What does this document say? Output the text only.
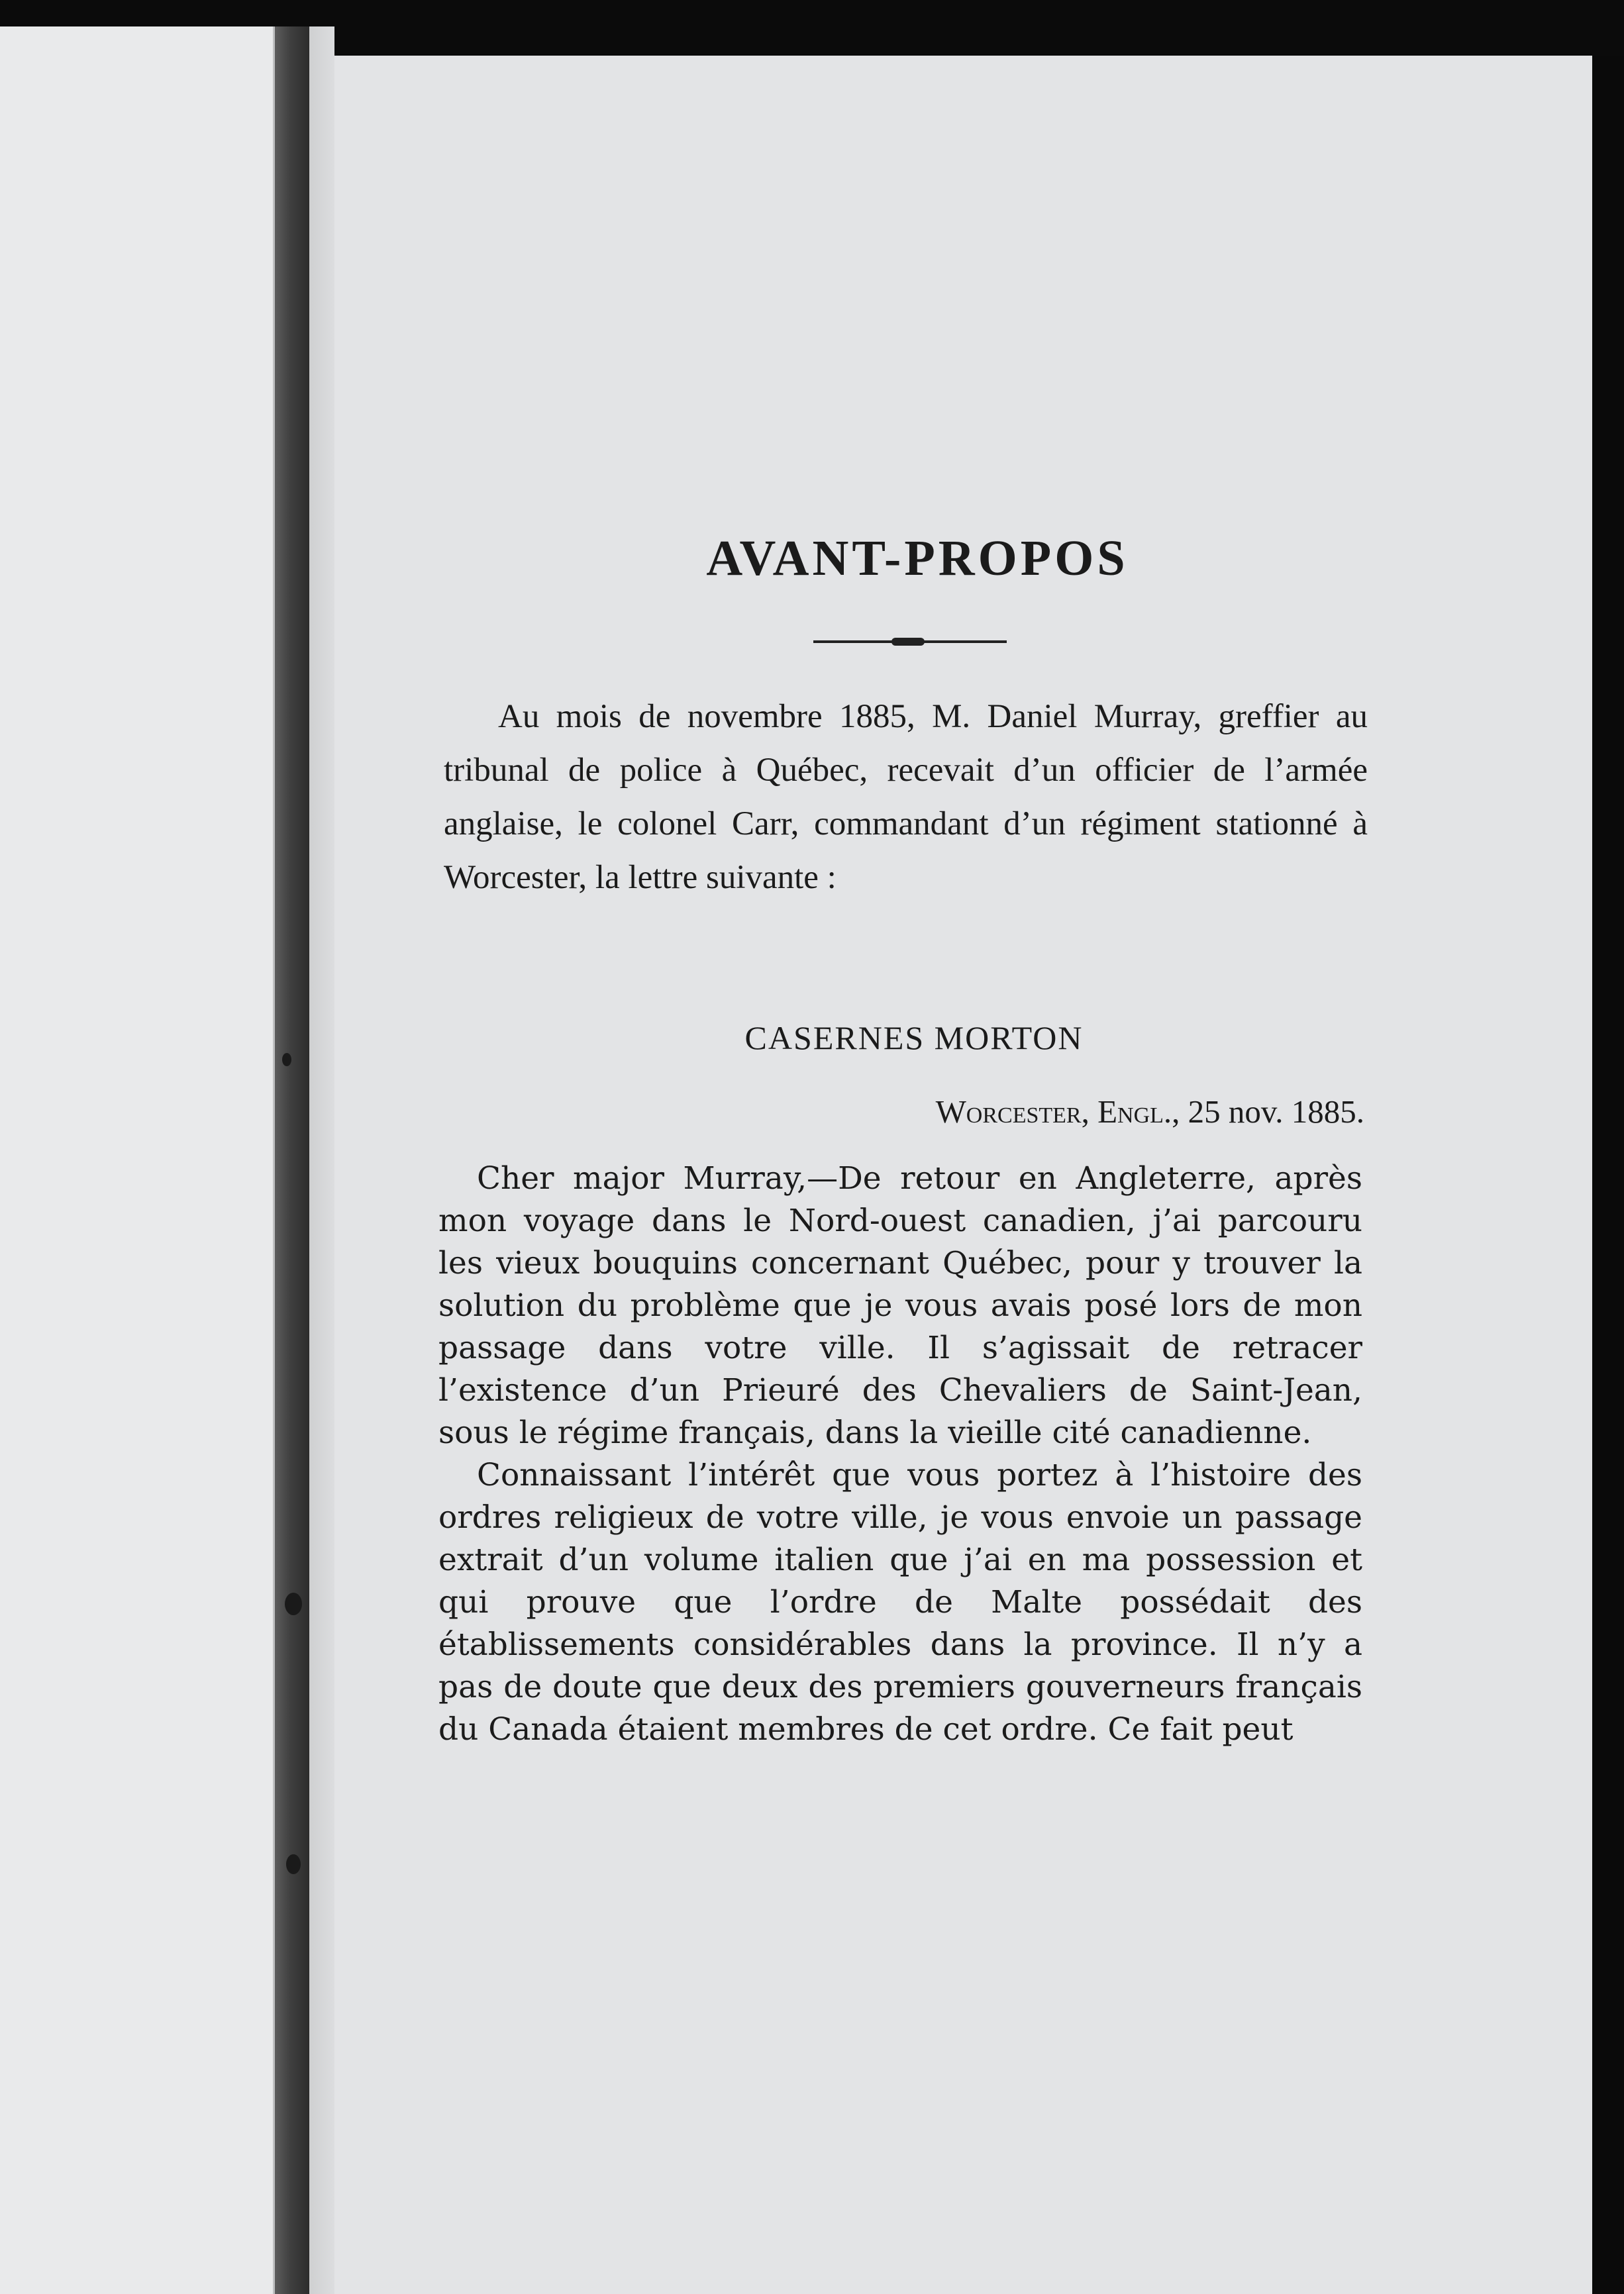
AVANT-PROPOS

Au mois de novembre 1885, M. Daniel Murray, greffier au tribunal de police à Québec, recevait d’un officier de l’armée anglaise, le colonel Carr, commandant d’un régiment stationné à Worcester, la lettre suivante :

CASERNES MORTON
Worcester, Engl., 25 nov. 1885.

Cher major Murray,—De retour en Angleterre, après mon voyage dans le Nord-ouest canadien, j’ai parcouru les vieux bouquins concernant Québec, pour y trouver la solution du problème que je vous avais posé lors de mon passage dans votre ville. Il s’agissait de retracer l’existence d’un Prieuré des Chevaliers de Saint-Jean, sous le régime français, dans la vieille cité canadienne.

Connaissant l’intérêt que vous portez à l’histoire des ordres religieux de votre ville, je vous envoie un passage extrait d’un volume italien que j’ai en ma possession et qui prouve que l’ordre de Malte possédait des établissements considérables dans la province. Il n’y a pas de doute que deux des premiers gouverneurs français du Canada étaient membres de cet ordre. Ce fait peut
